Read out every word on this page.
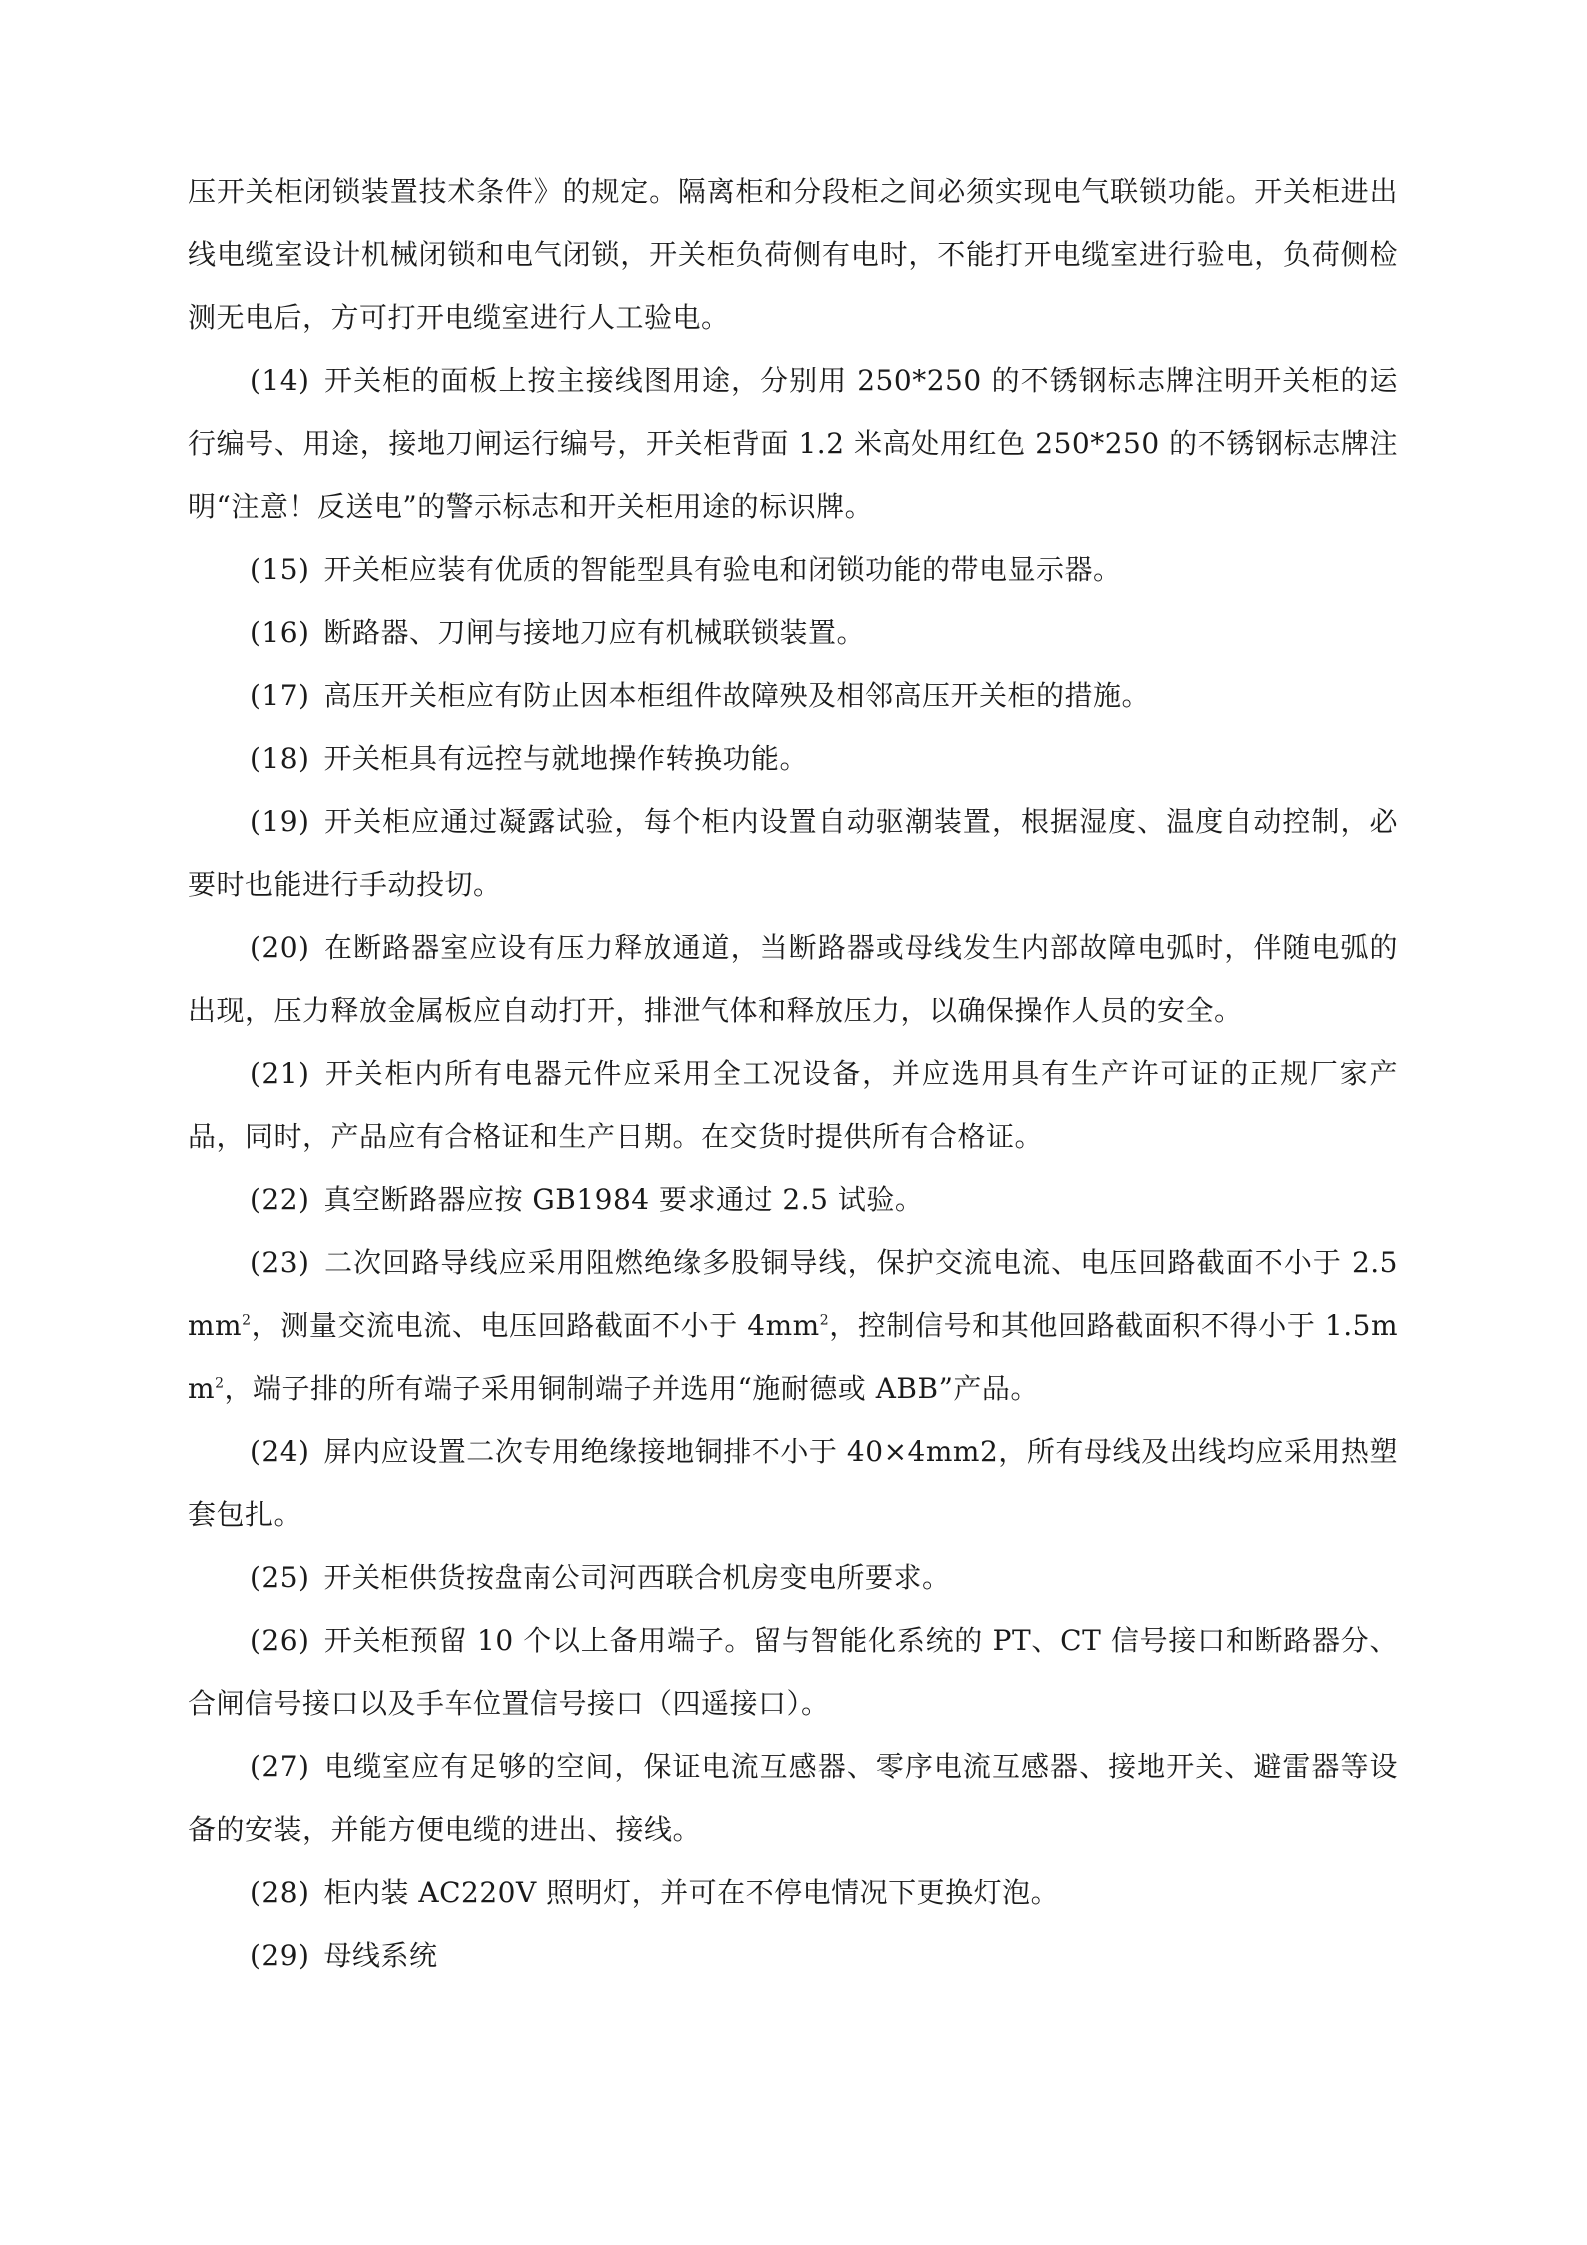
压开关柜闭锁装置技术条件》的规定。隔离柜和分段柜之间必须实现电气联锁功能。开关柜进出线电缆室设计机械闭锁和电气闭锁，开关柜负荷侧有电时，不能打开电缆室进行验电，负荷侧检测无电后，方可打开电缆室进行人工验电。

(14) 开关柜的面板上按主接线图用途，分别用 250*250 的不锈钢标志牌注明开关柜的运行编号、用途，接地刀闸运行编号，开关柜背面 1.2 米高处用红色 250*250 的不锈钢标志牌注明“注意！反送电”的警示标志和开关柜用途的标识牌。

(15) 开关柜应装有优质的智能型具有验电和闭锁功能的带电显示器。

(16) 断路器、刀闸与接地刀应有机械联锁装置。

(17) 高压开关柜应有防止因本柜组件故障殃及相邻高压开关柜的措施。

(18) 开关柜具有远控与就地操作转换功能。

(19) 开关柜应通过凝露试验，每个柜内设置自动驱潮装置，根据湿度、温度自动控制，必要时也能进行手动投切。

(20) 在断路器室应设有压力释放通道，当断路器或母线发生内部故障电弧时，伴随电弧的出现，压力释放金属板应自动打开，排泄气体和释放压力，以确保操作人员的安全。

(21) 开关柜内所有电器元件应采用全工况设备，并应选用具有生产许可证的正规厂家产品，同时，产品应有合格证和生产日期。在交货时提供所有合格证。

(22) 真空断路器应按 GB1984 要求通过 2.5 试验。

(23) 二次回路导线应采用阻燃绝缘多股铜导线，保护交流电流、电压回路截面不小于 $2.5mm^2$，测量交流电流、电压回路截面不小于 $4mm^2$，控制信号和其他回路截面积不得小于 $1.5mm^2$，端子排的所有端子采用铜制端子并选用“施耐德或 ABB”产品。

(24) 屏内应设置二次专用绝缘接地铜排不小于 40×4mm2，所有母线及出线均应采用热塑套包扎。

(25) 开关柜供货按盘南公司河西联合机房变电所要求。

(26) 开关柜预留 10 个以上备用端子。留与智能化系统的 PT、CT 信号接口和断路器分、合闸信号接口以及手车位置信号接口（四遥接口）。

(27) 电缆室应有足够的空间，保证电流互感器、零序电流互感器、接地开关、避雷器等设备的安装，并能方便电缆的进出、接线。

(28) 柜内装 AC220V 照明灯，并可在不停电情况下更换灯泡。

(29) 母线系统
